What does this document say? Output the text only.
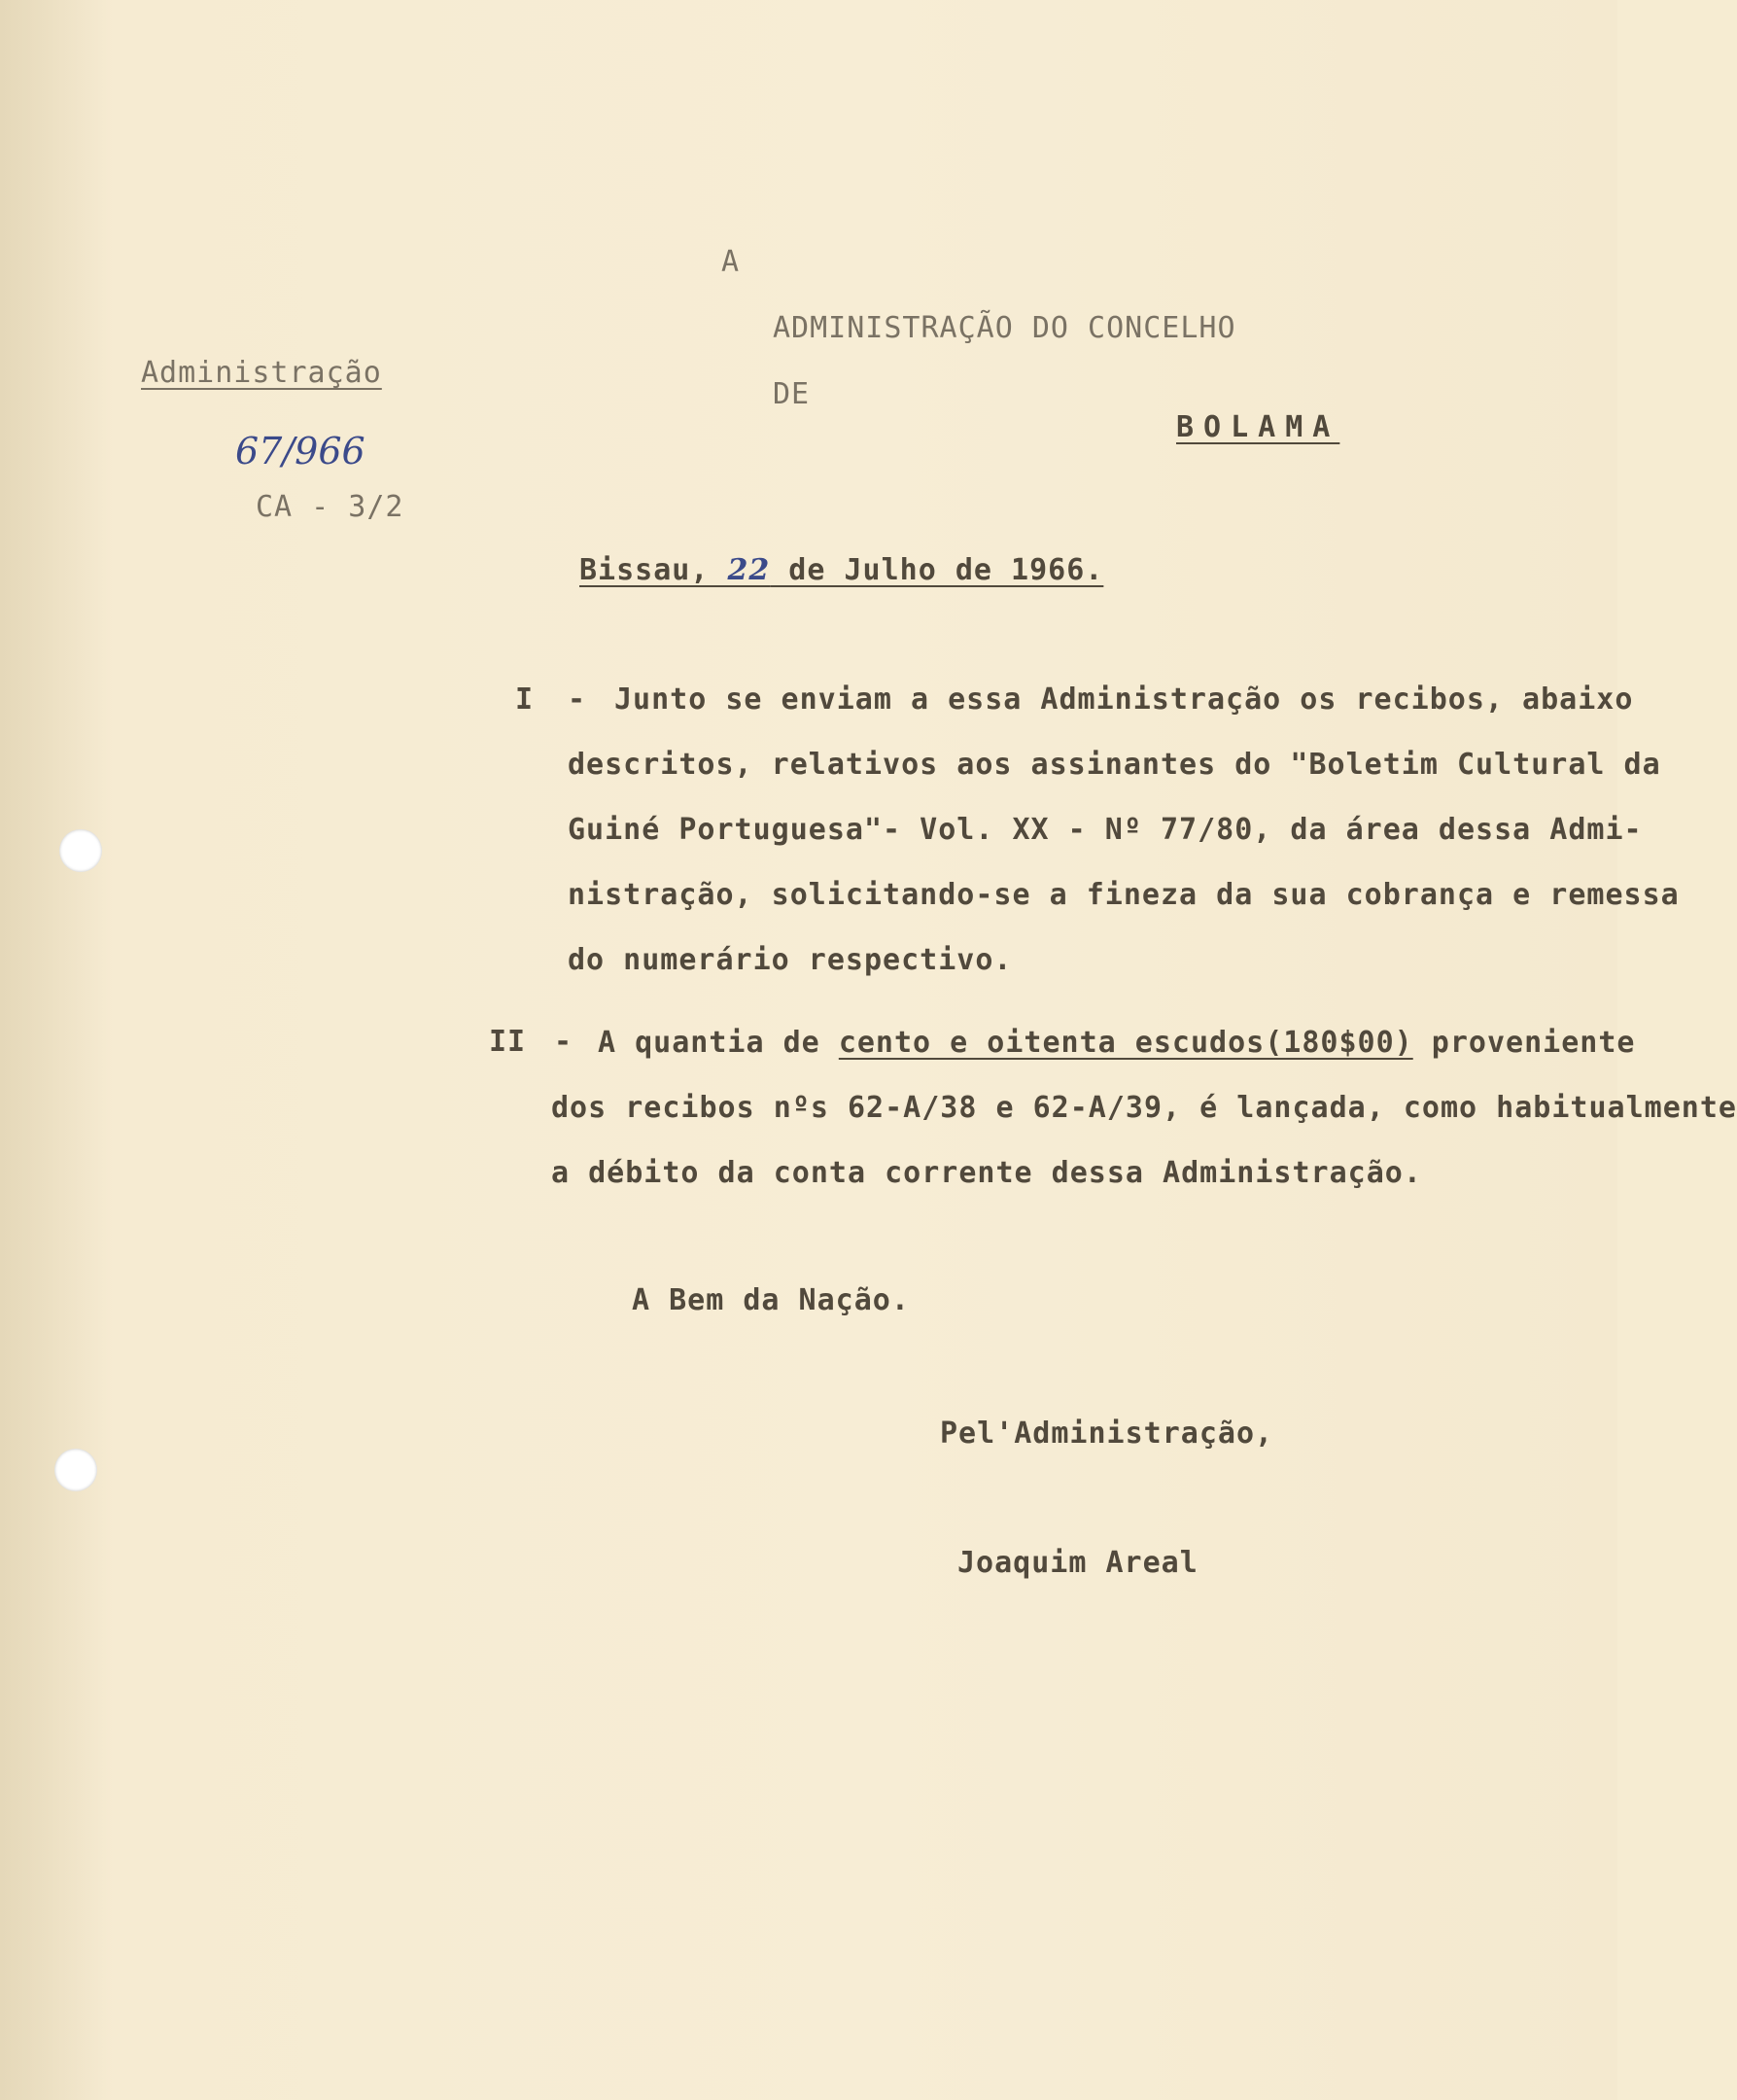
A
ADMINISTRAÇÃO DO CONCELHO
DE
BOLAMA
Administração
67/966
CA - 3/2
Bissau, 22 de Julho de 1966.
I - Junto se enviam a essa Administração os recibos, abaixo
descritos, relativos aos assinantes do "Boletim Cultural da
Guiné Portuguesa"- Vol. XX - Nº 77/80, da área dessa Admi-
nistração, solicitando-se a fineza da sua cobrança e remessa
do numerário respectivo.
II - A quantia de cento e oitenta escudos(180$00) proveniente
dos recibos nºs 62-A/38 e 62-A/39, é lançada, como habitualmente
a débito da conta corrente dessa Administração.
A Bem da Nação.
Pel'Administração,
Joaquim Areal
